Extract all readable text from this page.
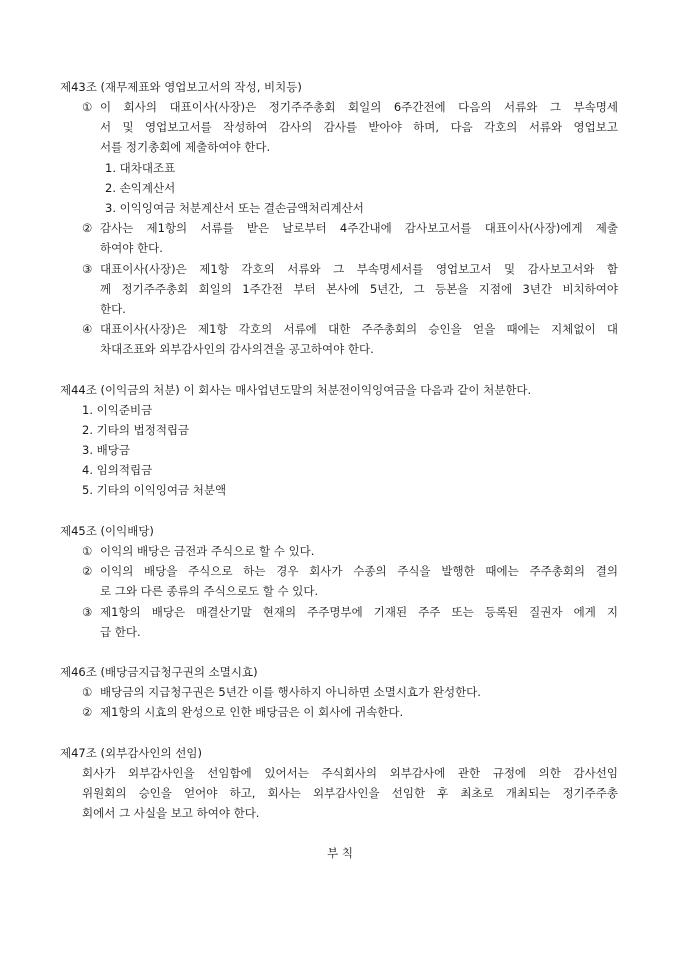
제43조 (재무제표와 영업보고서의 작성, 비치등)
① 이 회사의 대표이사(사장)은 정기주주총회 회일의 6주간전에 다음의 서류와 그 부속명세
서 및 영업보고서를 작성하여 감사의 감사를 받아야 하며, 다음 각호의 서류와 영업보고
서를 정기총회에 제출하여야 한다.
1. 대차대조표
2. 손익계산서
3. 이익잉여금 처분계산서 또는 결손금액처리계산서
② 감사는 제1항의 서류를 받은 날로부터 4주간내에 감사보고서를 대표이사(사장)에게 제출
하여야 한다.
③ 대표이사(사장)은 제1항 각호의 서류와 그 부속명세서를 영업보고서 및 감사보고서와 함
께 정기주주총회 회일의 1주간전 부터 본사에 5년간, 그 등본을 지점에 3년간 비치하여야
한다.
④ 대표이사(사장)은 제1항 각호의 서류에 대한 주주총회의 승인을 얻을 때에는 지체없이 대
차대조표와 외부감사인의 감사의견을 공고하여야 한다.
제44조 (이익금의 처분) 이 회사는 매사업년도말의 처분전이익잉여금을 다음과 같이 처분한다.
1. 이익준비금
2. 기타의 법정적립금
3. 배당금
4. 임의적립금
5. 기타의 이익잉여금 처분액
제45조 (이익배당)
① 이익의 배당은 금전과 주식으로 할 수 있다.
② 이익의 배당을 주식으로 하는 경우 회사가 수종의 주식을 발행한 때에는 주주총회의 결의
로 그와 다른 종류의 주식으로도 할 수 있다.
③ 제1항의 배당은 매결산기말 현재의 주주명부에 기재된 주주 또는 등록된 질권자 에게 지
급 한다.
제46조 (배당금지급청구권의 소멸시효)
① 배당금의 지급청구권은 5년간 이를 행사하지 아니하면 소멸시효가 완성한다.
② 제1항의 시효의 완성으로 인한 배당금은 이 회사에 귀속한다.
제47조 (외부감사인의 선임)
회사가 외부감사인을 선임함에 있어서는 주식회사의 외부감사에 관한 규정에 의한 감사선임
위원회의 승인을 얻어야 하고, 회사는 외부감사인을 선임한 후 최초로 개최되는 정기주주총
회에서 그 사실을 보고 하여야 한다.
부 칙
